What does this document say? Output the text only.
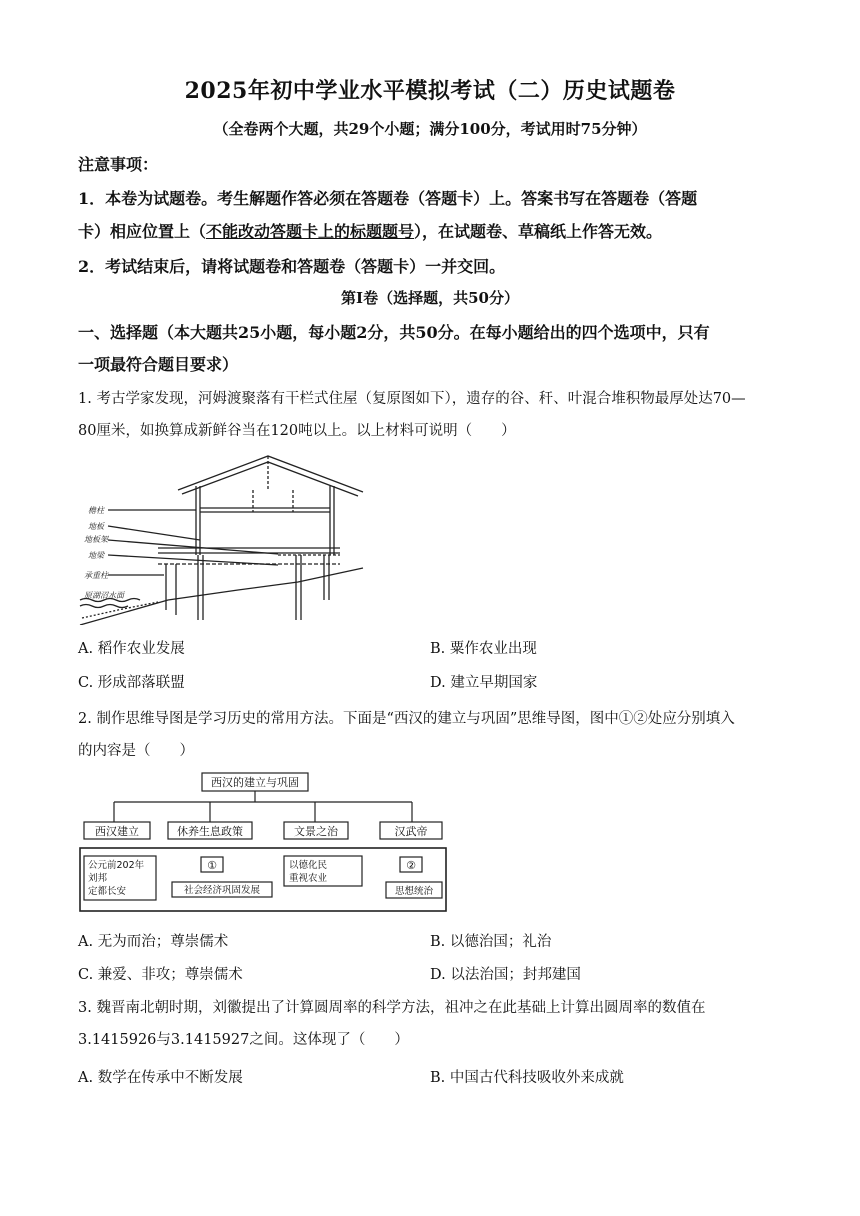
2025年初中学业水平模拟考试（二）历史试题卷
（全卷两个大题，共29个小题；满分100分，考试用时75分钟）
注意事项：
1．本卷为试题卷。考生解题作答必须在答题卷（答题卡）上。答案书写在答题卷（答题
卡）相应位置上（不能改动答题卡上的标题题号），在试题卷、草稿纸上作答无效。
2．考试结束后，请将试题卷和答题卷（答题卡）一并交回。
第Ⅰ卷（选择题，共50分）
一、选择题（本大题共25小题，每小题2分，共50分。在每小题给出的四个选项中，只有
一项最符合题目要求）
1. 考古学家发现，河姆渡聚落有干栏式住屋（复原图如下），遗存的谷、秆、叶混合堆积物最厚处达70—
80厘米，如换算成新鲜谷当在120吨以上。以上材料可说明（　　）
檐柱
地板
地板架
地梁
承重柱
原湖沼水面
A. 稻作农业发展	B. 粟作农业出现
C. 形成部落联盟	D. 建立早期国家
2. 制作思维导图是学习历史的常用方法。下面是“西汉的建立与巩固”思维导图，图中①②处应分别填入
的内容是（　　）
西汉的建立与巩固
西汉建立	休养生息政策	文景之治	汉武帝
公元前202年
刘邦
定都长安
①
社会经济巩固发展
以德化民
重视农业
②
思想统治
A. 无为而治；尊崇儒术	B. 以德治国；礼治
C. 兼爱、非攻；尊崇儒术	D. 以法治国；封邦建国
3. 魏晋南北朝时期，刘徽提出了计算圆周率的科学方法，祖冲之在此基础上计算出圆周率的数值在
3.1415926与3.1415927之间。这体现了（　　）
A. 数学在传承中不断发展	B. 中国古代科技吸收外来成就
